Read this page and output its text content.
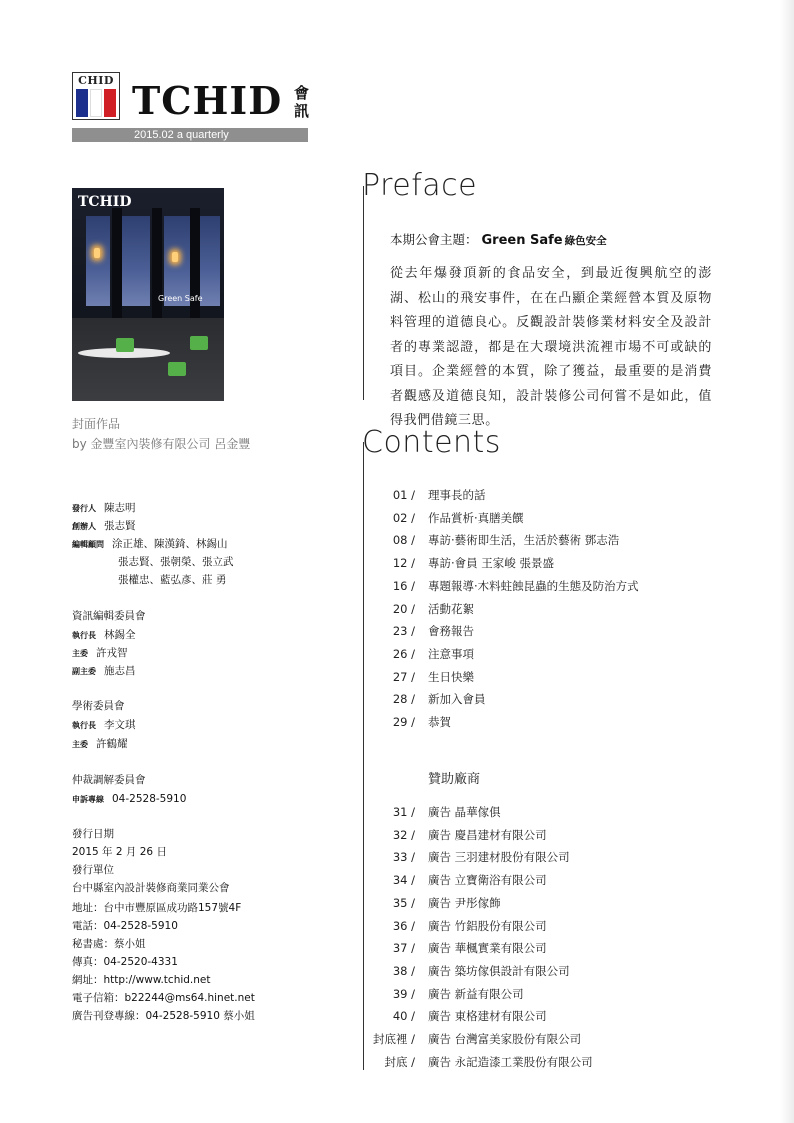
CHID TCHID 會
訊
2015.02 a quarterly
TCHID
Green Safe
封面作品
by 金豐室內裝修有限公司 呂金豐
發行人 陳志明
創辦人 張志賢
編輯顧問 涂正雄、陳漢錡、林錫山
張志賢、張朝榮、張立武
張權忠、藍弘彥、莊 勇
資訊編輯委員會
執行長 林錫全
主委 許戎智
副主委 施志昌
學術委員會
執行長 李文琪
主委 許鶴耀
仲裁調解委員會
申訴專線 04-2528-5910
發行日期
2015 年 2 月 26 日
發行單位
台中縣室內設計裝修商業同業公會
地址：台中市豐原區成功路157號4F
電話：04-2528-5910
秘書處：蔡小姐
傳真：04-2520-4331
網址：http://www.tchid.net
電子信箱：b22244@ms64.hinet.net
廣告刊登專線：04-2528-5910 蔡小姐
Preface
本期公會主題： Green Safe 綠色安全
從去年爆發頂新的食品安全，到最近復興航空的澎湖、松山的飛安事件，在在凸顯企業經營本質及原物料管理的道德良心。反觀設計裝修業材料安全及設計者的專業認證，都是在大環境洪流裡市場不可或缺的項目。企業經營的本質，除了獲益，最重要的是消費者觀感及道德良知，設計裝修公司何嘗不是如此，值得我們借鏡三思。
Contents
01 / 理事長的話
02 / 作品賞析‧真膳美饌
08 / 專訪‧藝術即生活，生活於藝術 鄧志浩
12 / 專訪‧會員 王家峻 張景盛
16 / 專題報導‧木料蛀蝕昆蟲的生態及防治方式
20 / 活動花絮
23 / 會務報告
26 / 注意事項
27 / 生日快樂
28 / 新加入會員
29 / 恭賀
贊助廠商
31 / 廣告 晶華傢俱
32 / 廣告 慶昌建材有限公司
33 / 廣告 三羽建材股份有限公司
34 / 廣告 立寶衛浴有限公司
35 / 廣告 尹彤傢飾
36 / 廣告 竹鋁股份有限公司
37 / 廣告 華楓實業有限公司
38 / 廣告 築坊傢俱設計有限公司
39 / 廣告 新益有限公司
40 / 廣告 東格建材有限公司
封底裡 / 廣告 台灣富美家股份有限公司
封底 / 廣告 永記造漆工業股份有限公司
